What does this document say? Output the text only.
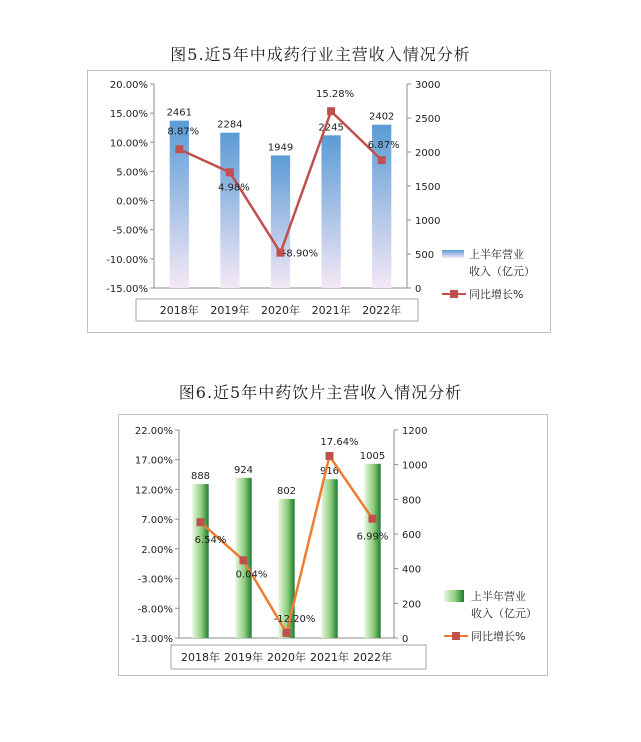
图5.近5年中成药行业主营收入情况分析
20.00%
15.00%
10.00%
5.00%
0.00%
-5.00%
-10.00%
-15.00%
3000
2500
2000
1500
1000
500
0
2461
2284
1949
2245
2402
8.87%
4.98%
-8.90%
15.28%
6.87%
2018年 2019年 2020年 2021年 2022年
上半年营业
收入（亿元）
同比增长%
图6.近5年中药饮片主营收入情况分析
22.00%
17.00%
12.00%
7.00%
2.00%
-3.00%
-8.00%
-13.00%
1200
1000
800
600
400
200
0
888
924
802
916
1005
6.54%
0.04%
-12.20%
17.64%
6.99%
2018年 2019年 2020年 2021年 2022年
上半年营业
收入（亿元）
同比增长%
